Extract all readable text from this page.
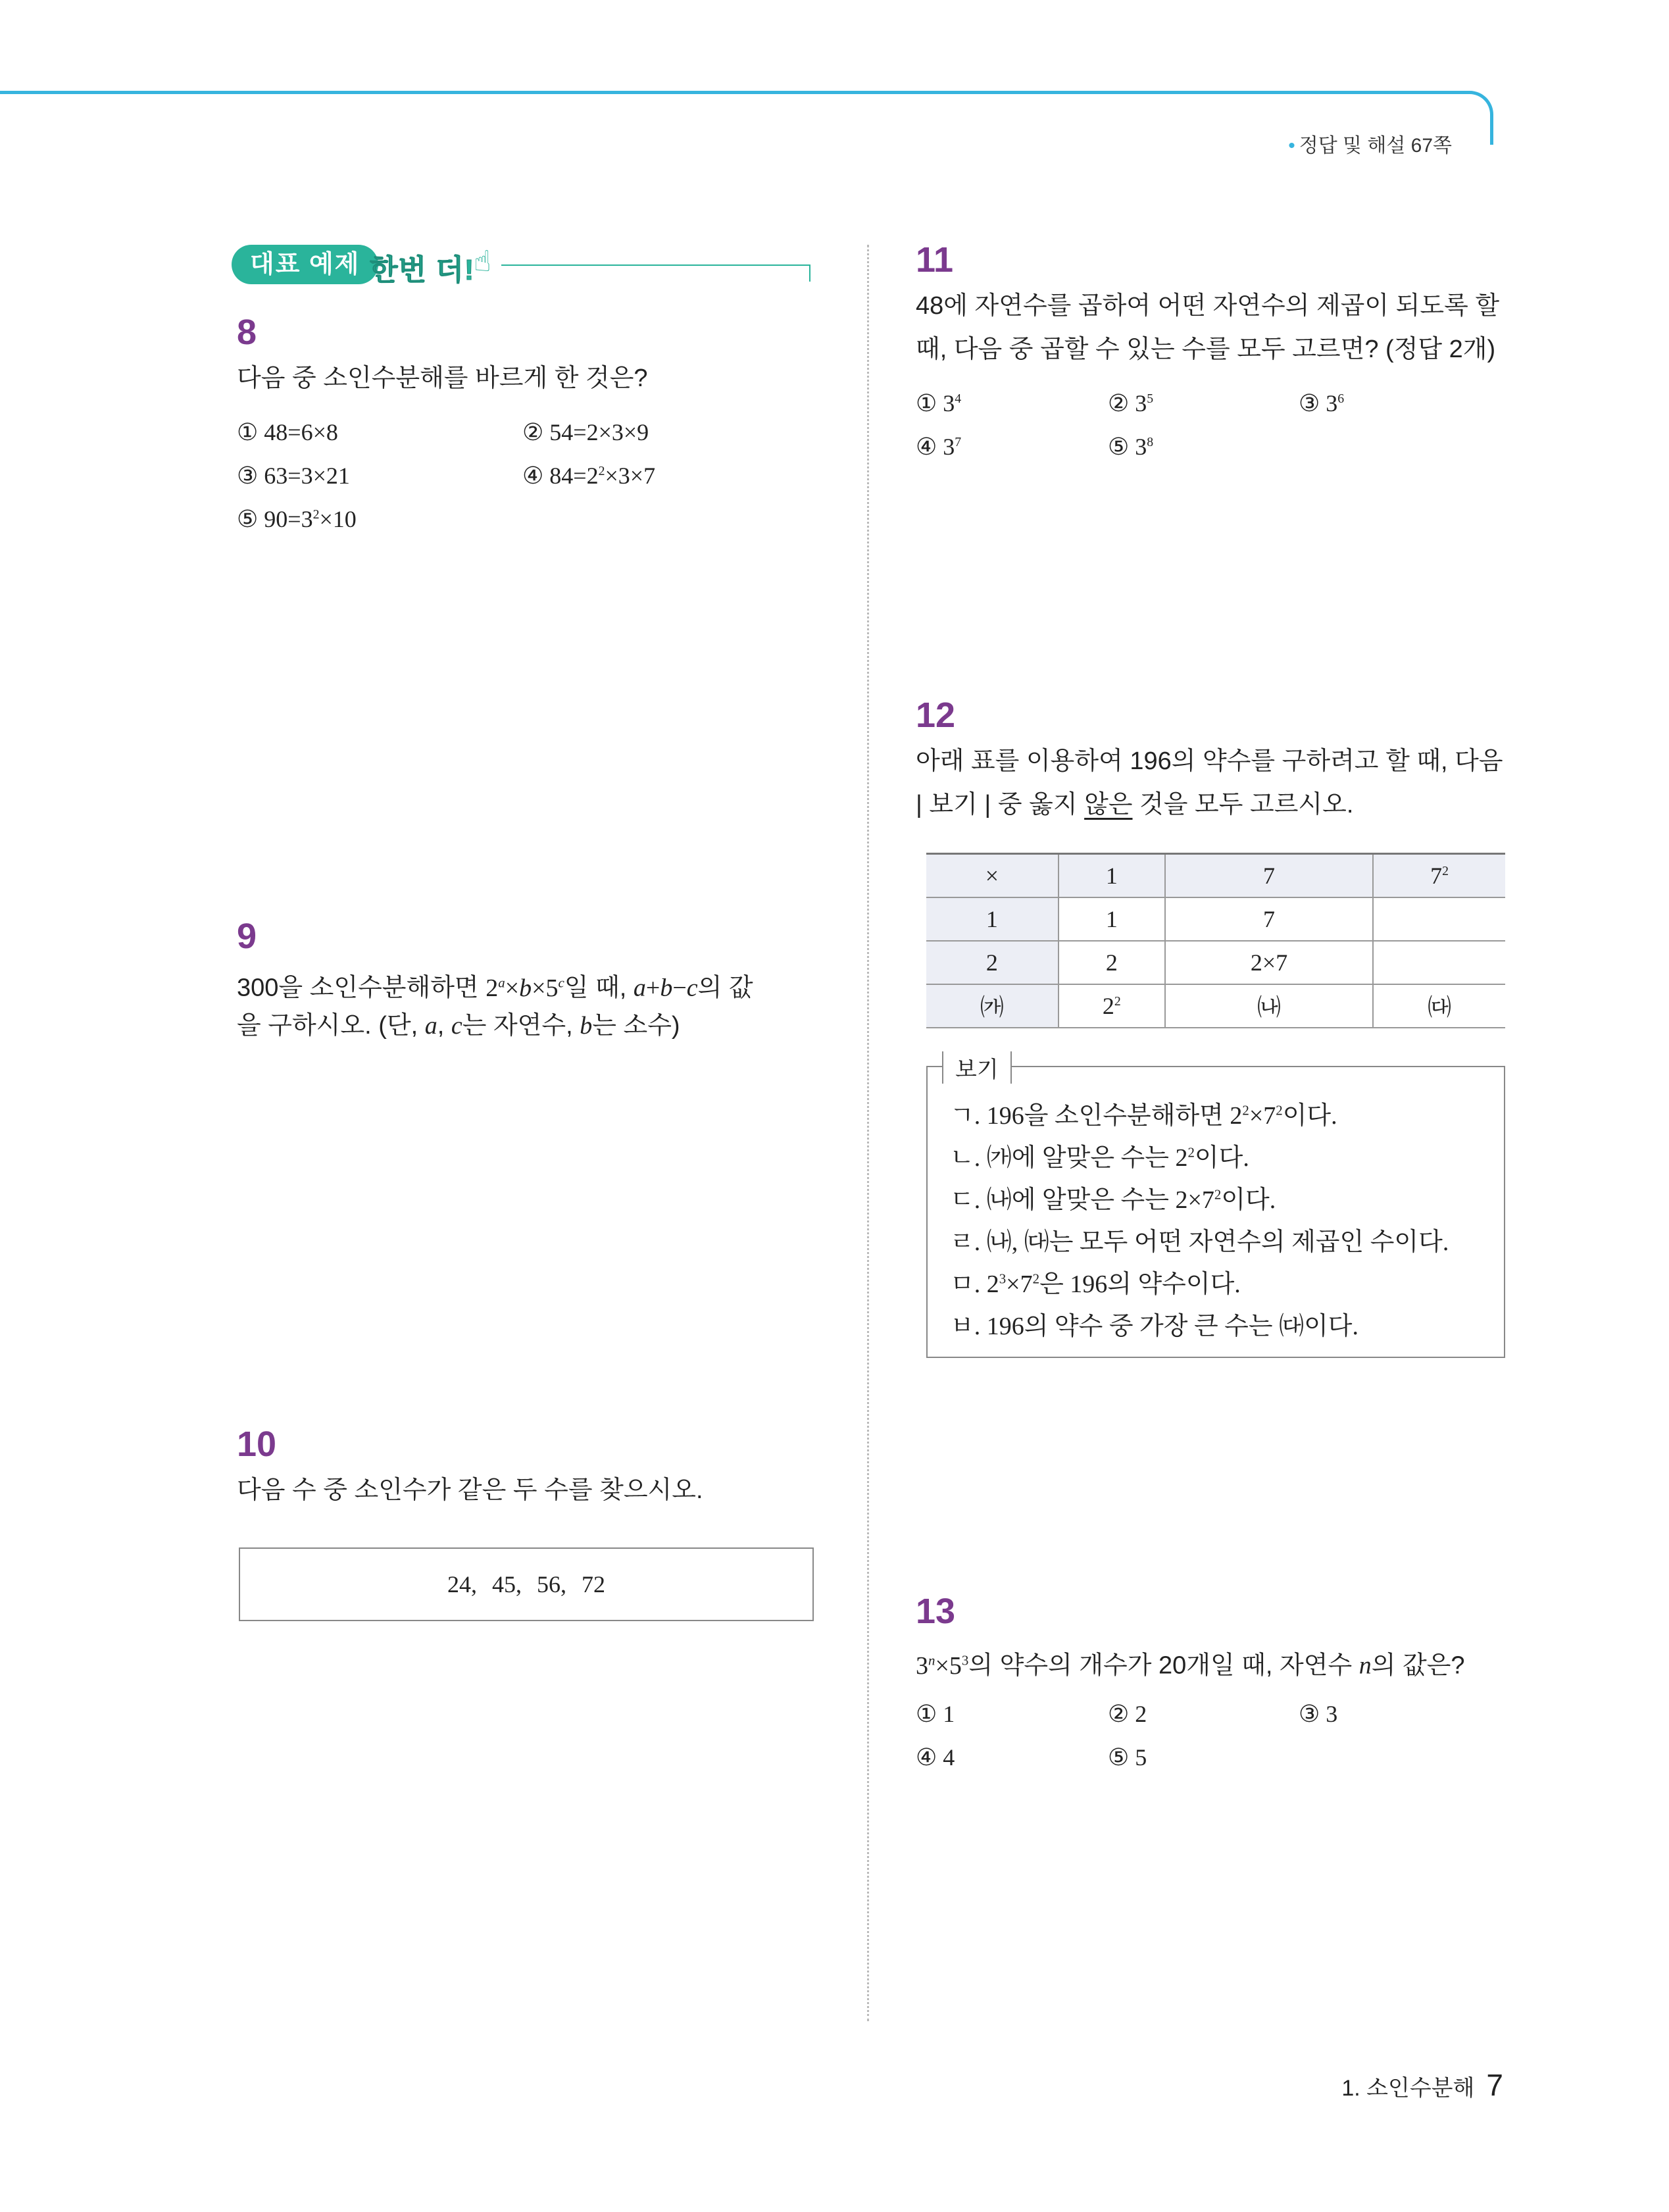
• 정답 및 해설 67쪽
대표 예제 한번 더!
☝
8
다음 중 소인수분해를 바르게 한 것은?
① 48=6×8	② 54=2×3×9
③ 63=3×21	④ $84=2^2\times 3\times 7$
⑤ $90=3^2\times 10$
9
300을 소인수분해하면 $2^a\times b\times 5^c$일 때, a+b−c의 값
을 구하시오. (단, a, c는 자연수, b는 소수)
10
다음 수 중 소인수가 같은 두 수를 찾으시오.
24, 45, 56, 72
11
48에 자연수를 곱하여 어떤 자연수의 제곱이 되도록 할
때, 다음 중 곱할 수 있는 수를 모두 고르면? (정답 2개)
① $3^4$	② $3^5$	③ $3^6$
④ $3^7$	⑤ $3^8$
12
아래 표를 이용하여 196의 약수를 구하려고 할 때, 다음
| 보기 | 중 옳지 않은 것을 모두 고르시오.
×	1	7	$7^2$
1	1	7	
2	2	2×7	
㈎	$2^2$	㈏	㈐
보기
ㄱ. 196을 소인수분해하면 $2^2\times 7^2$이다.
ㄴ. ㈎에 알맞은 수는 $2^2$이다.
ㄷ. ㈏에 알맞은 수는 $2\times 7^2$이다.
ㄹ. ㈏, ㈐는 모두 어떤 자연수의 제곱인 수이다.
ㅁ. $2^3\times 7^2$은 196의 약수이다.
ㅂ. 196의 약수 중 가장 큰 수는 ㈐이다.
13
$3^n\times 5^3$의 약수의 개수가 20개일 때, 자연수 n의 값은?
① 1	② 2	③ 3
④ 4	⑤ 5
1. 소인수분해 7
